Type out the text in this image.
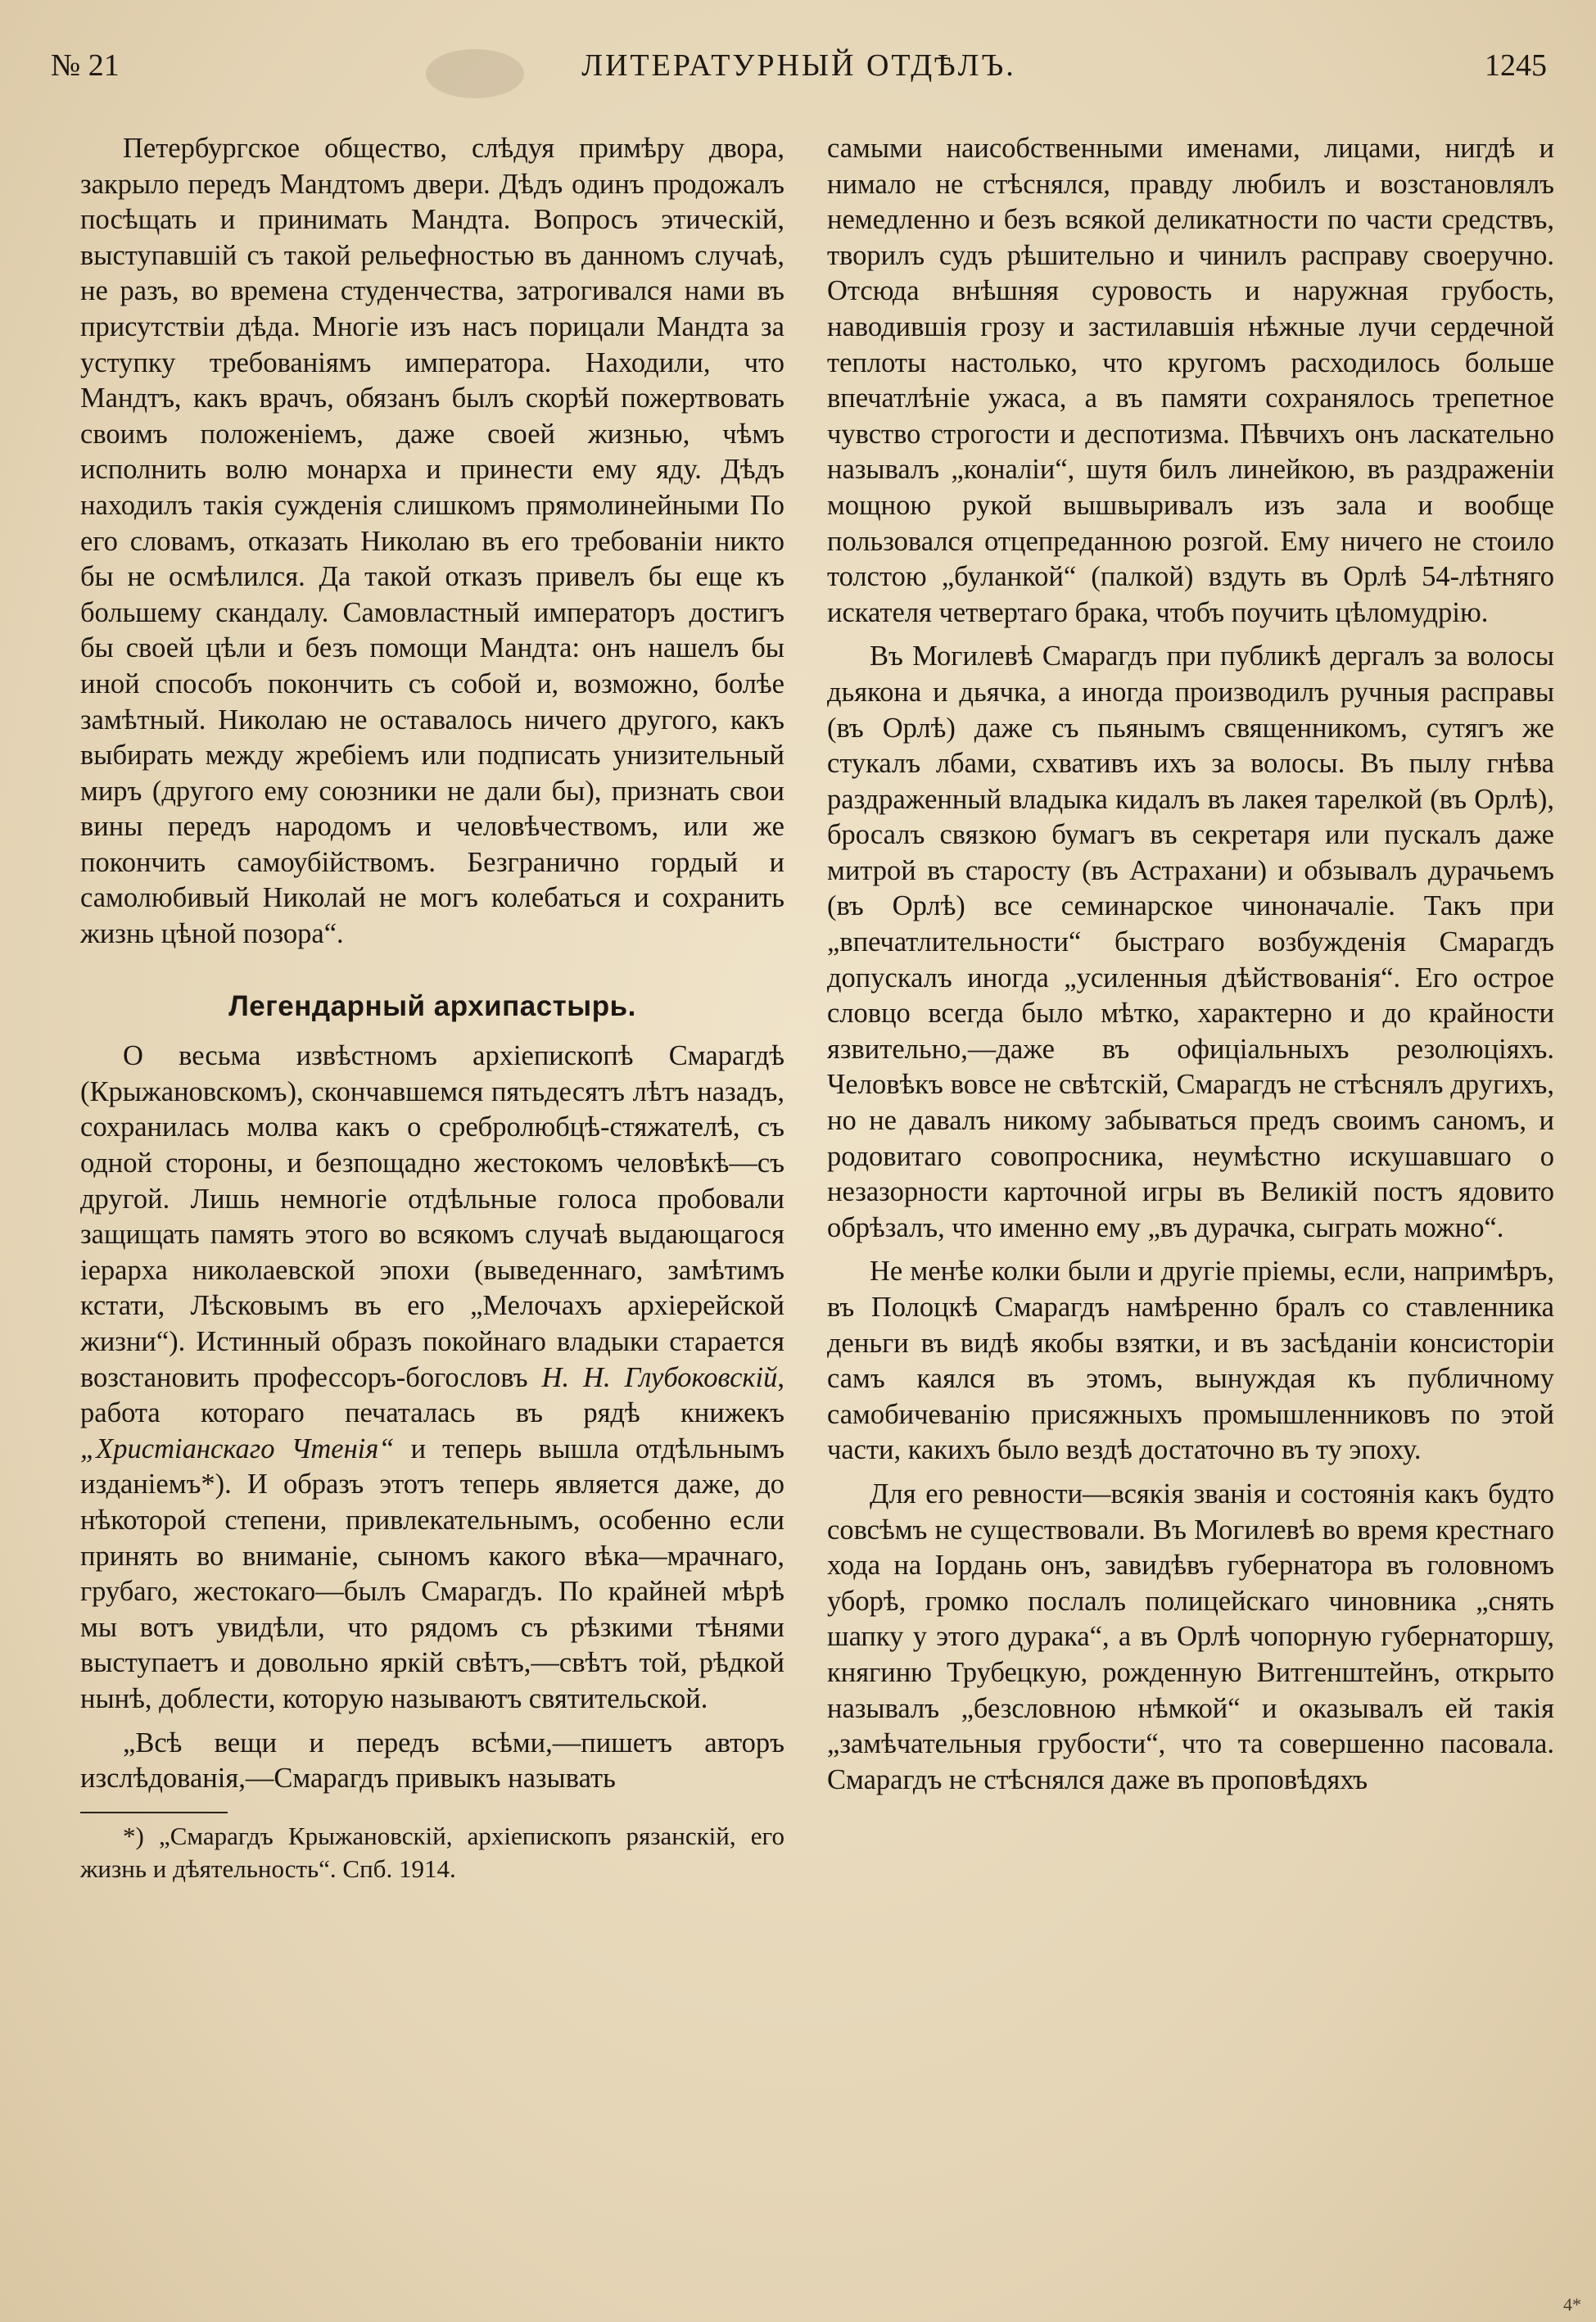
№ 21	ЛИТЕРАТУРНЫЙ ОТДѢЛЪ.	1245

Петербургское общество, слѣдуя примѣру двора, закрыло передъ Мандтомъ двери. Дѣдъ одинъ продожалъ посѣщать и принимать Мандта. Вопросъ этическій, выступавшій съ такой рельефностью въ данномъ случаѣ, не разъ, во времена студенчества, затрогивался нами въ присутствіи дѣда. Многіе изъ насъ порицали Мандта за уступку требованіямъ императора. Находили, что Мандтъ, какъ врачъ, обязанъ былъ скорѣй пожертвовать своимъ положеніемъ, даже своей жизнью, чѣмъ исполнить волю монарха и принести ему яду. Дѣдъ находилъ такія сужденія слишкомъ прямолинейными По его словамъ, отказать Николаю въ его требованіи никто бы не осмѣлился. Да такой отказъ привелъ бы еще къ большему скандалу. Самовластный императоръ достигъ бы своей цѣли и безъ помощи Мандта: онъ нашелъ бы иной способъ покончить съ собой и, возможно, болѣе замѣтный. Николаю не оставалось ничего другого, какъ выбирать между жребіемъ или подписать унизительный миръ (другого ему союзники не дали бы), признать свои вины передъ народомъ и человѣчествомъ, или же покончить самоубійствомъ. Безгранично гордый и самолюбивый Николай не могъ колебаться и сохранить жизнь цѣной позора“.

Легендарный архипастырь.

О весьма извѣстномъ архіепископѣ Смарагдѣ (Крыжановскомъ), скончавшемся пятьдесятъ лѣтъ назадъ, сохранилась молва какъ о сребролюбцѣ-стяжателѣ, съ одной стороны, и безпощадно жестокомъ человѣкѣ—съ другой. Лишь немногіе отдѣльные голоса пробовали защищать память этого во всякомъ случаѣ выдающагося іерарха николаевской эпохи (выведеннаго, замѣтимъ кстати, Лѣсковымъ въ его „Мелочахъ архіерейской жизни“). Истинный образъ покойнаго владыки старается возстановить профессоръ-богословъ Н. Н. Глубоковскій, работа котораго печаталась въ рядѣ книжекъ „Христіанскаго Чтенія“ и теперь вышла отдѣльнымъ изданіемъ*). И образъ этотъ теперь является даже, до нѣкоторой степени, привлекательнымъ, особенно если принять во вниманіе, сыномъ какого вѣка—мрачнаго, грубаго, жестокаго—былъ Смарагдъ. По крайней мѣрѣ мы вотъ увидѣли, что рядомъ съ рѣзкими тѣнями выступаетъ и довольно яркій свѣтъ,—свѣтъ той, рѣдкой нынѣ, доблести, которую называютъ святительской.

„Всѣ вещи и передъ всѣми,—пишетъ авторъ изслѣдованія,—Смарагдъ привыкъ называть

*) „Смарагдъ Крыжановскій, архіепископъ рязанскій, его жизнь и дѣятельность“. Спб. 1914.

самыми наисобственными именами, лицами, нигдѣ и нимало не стѣснялся, правду любилъ и возстановлялъ немедленно и безъ всякой деликатности по части средствъ, творилъ судъ рѣшительно и чинилъ расправу своеручно. Отсюда внѣшняя суровость и наружная грубость, наводившія грозу и застилавшія нѣжные лучи сердечной теплоты настолько, что кругомъ расходилось больше впечатлѣніе ужаса, а въ памяти сохранялось трепетное чувство строгости и деспотизма. Пѣвчихъ онъ ласкательно называлъ „коналіи“, шутя билъ линейкою, въ раздраженіи мощною рукой вышвыривалъ изъ зала и вообще пользовался отцепреданною розгой. Ему ничего не стоило толстою „буланкой“ (палкой) вздуть въ Орлѣ 54-лѣтняго искателя четвертаго брака, чтобъ поучить цѣломудрію.

Въ Могилевѣ Смарагдъ при публикѣ дергалъ за волосы дьякона и дьячка, а иногда производилъ ручныя расправы (въ Орлѣ) даже съ пьянымъ священникомъ, сутягъ же стукалъ лбами, схвативъ ихъ за волосы. Въ пылу гнѣва раздраженный владыка кидалъ въ лакея тарелкой (въ Орлѣ), бросалъ связкою бумагъ въ секретаря или пускалъ даже митрой въ старосту (въ Астрахани) и обзывалъ дурачьемъ (въ Орлѣ) все семинарское чиноначаліе. Такъ при „впечатлительности“ быстраго возбужденія Смарагдъ допускалъ иногда „усиленныя дѣйствованія“. Его острое словцо всегда было мѣтко, характерно и до крайности язвительно,—даже въ офиціальныхъ резолюціяхъ. Человѣкъ вовсе не свѣтскій, Смарагдъ не стѣснялъ другихъ, но не давалъ никому забываться предъ своимъ саномъ, и родовитаго совопросника, неумѣстно искушавшаго о незазорности карточной игры въ Великій постъ ядовито обрѣзалъ, что именно ему „въ дурачка, сыграть можно“.

Не менѣе колки были и другіе пріемы, если, напримѣръ, въ Полоцкѣ Смарагдъ намѣренно бралъ со ставленника деньги въ видѣ якобы взятки, и въ засѣданіи консисторіи самъ каялся въ этомъ, вынуждая къ публичному самобичеванію присяжныхъ промышленниковъ по этой части, какихъ было вездѣ достаточно въ ту эпоху.

Для его ревности—всякія званія и состоянія какъ будто совсѣмъ не существовали. Въ Могилевѣ во время крестнаго хода на Іордань онъ, завидѣвъ губернатора въ головномъ уборѣ, громко послалъ полицейскаго чиновника „снять шапку у этого дурака“, а въ Орлѣ чопорную губернаторшу, княгиню Трубецкую, рожденную Витгенштейнъ, открыто называлъ „безсловною нѣмкой“ и оказывалъ ей такія „замѣчательныя грубости“, что та совершенно пасовала. Смарагдъ не стѣснялся даже въ проповѣдяхъ

4*
